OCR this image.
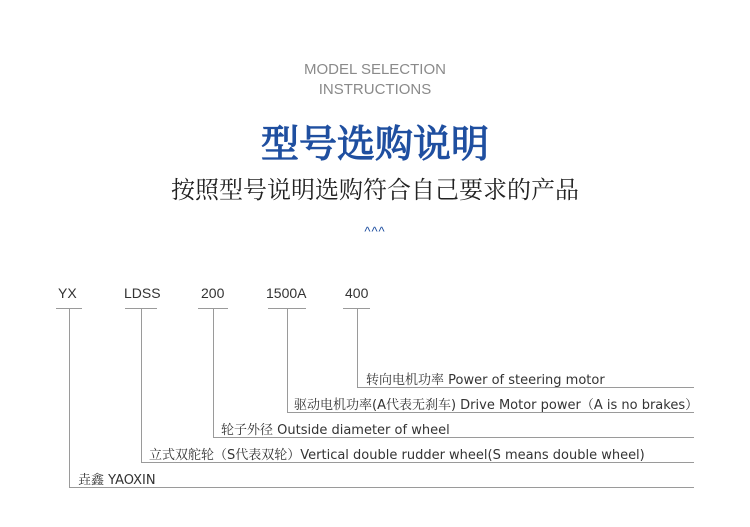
MODEL SELECTION
INSTRUCTIONS
型号选购说明
按照型号说明选购符合自己要求的产品
^^^
YX	LDSS	200	1500A	400
转向电机功率 Power of steering motor
驱动电机功率(A代表无刹车) Drive Motor power（A is no brakes）
轮子外径 Outside diameter of wheel
立式双舵轮（S代表双轮）Vertical double rudder wheel(S means double wheel)
垚鑫 YAOXIN
